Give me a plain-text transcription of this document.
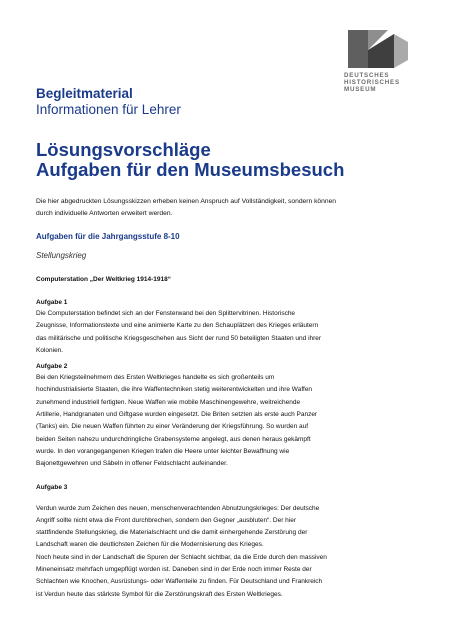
DEUTSCHES
HISTORISCHES
MUSEUM
Begleitmaterial
Informationen für Lehrer
Lösungsvorschläge
Aufgaben für den Museumsbesuch
Die hier abgedruckten Lösungsskizzen erheben keinen Anspruch auf Vollständigkeit, sondern können
durch individuelle Antworten erweitert werden.
Aufgaben für die Jahrgangsstufe 8-10
Stellungskrieg
Computerstation „Der Weltkrieg 1914-1918“
Aufgabe 1
Die Computerstation befindet sich an der Fensterwand bei den Splittervitrinen. Historische
Zeugnisse, Informationstexte und eine animierte Karte zu den Schauplätzen des Krieges erläutern
das militärische und politische Kriegsgeschehen aus Sicht der rund 50 beteiligten Staaten und ihrer
Kolonien.
Aufgabe 2
Bei den Kriegsteilnehmern des Ersten Weltkrieges handelte es sich großenteils um
hochindustrialisierte Staaten, die ihre Waffentechniken stetig weiterentwickelten und ihre Waffen
zunehmend industriell fertigten. Neue Waffen wie mobile Maschinengewehre, weitreichende
Artillerie, Handgranaten und Giftgase wurden eingesetzt. Die Briten setzten als erste auch Panzer
(Tanks) ein. Die neuen Waffen führten zu einer Veränderung der Kriegsführung. So wurden auf
beiden Seiten nahezu undurchdringliche Grabensysteme angelegt, aus denen heraus gekämpft
wurde. In den vorangegangenen Kriegen trafen die Heere unter leichter Bewaffnung wie
Bajonettgewehren und Säbeln in offener Feldschlacht aufeinander.
Aufgabe 3
Verdun wurde zum Zeichen des neuen, menschenverachtenden Abnutzungskrieges: Der deutsche
Angriff sollte nicht etwa die Front durchbrechen, sondern den Gegner „ausbluten“. Der hier
stattfindende Stellungskrieg, die Materialschlacht und die damit einhergehende Zerstörung der
Landschaft waren die deutlichsten Zeichen für die Modernisierung des Krieges.
Noch heute sind in der Landschaft die Spuren der Schlacht sichtbar, da die Erde durch den massiven
Mineneinsatz mehrfach umgepflügt worden ist. Daneben sind in der Erde noch immer Reste der
Schlachten wie Knochen, Ausrüstungs- oder Waffenteile zu finden. Für Deutschland und Frankreich
ist Verdun heute das stärkste Symbol für die Zerstörungskraft des Ersten Weltkrieges.
